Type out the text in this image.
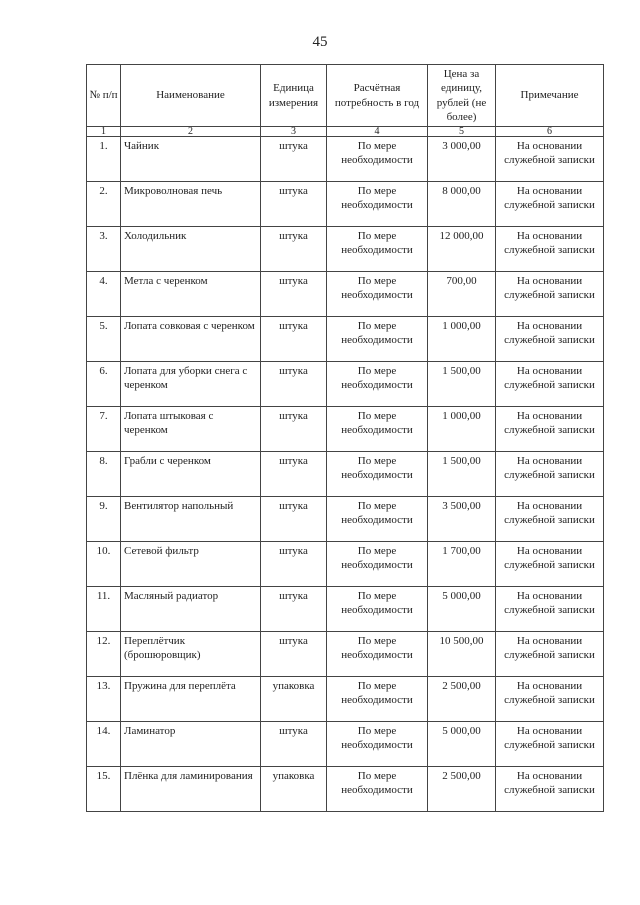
45
№ п/п	Наименование	Единица измерения	Расчётная потребность в год	Цена за единицу, рублей (не более)	Примечание
1	2	3	4	5	6
1.	Чайник	штука	По мере необходимости	3 000,00	На основании служебной записки
2.	Микроволновая печь	штука	По мере необходимости	8 000,00	На основании служебной записки
3.	Холодильник	штука	По мере необходимости	12 000,00	На основании служебной записки
4.	Метла с черенком	штука	По мере необходимости	700,00	На основании служебной записки
5.	Лопата совковая с черенком	штука	По мере необходимости	1 000,00	На основании служебной записки
6.	Лопата для уборки снега с черенком	штука	По мере необходимости	1 500,00	На основании служебной записки
7.	Лопата штыковая с черенком	штука	По мере необходимости	1 000,00	На основании служебной записки
8.	Грабли с черенком	штука	По мере необходимости	1 500,00	На основании служебной записки
9.	Вентилятор напольный	штука	По мере необходимости	3 500,00	На основании служебной записки
10.	Сетевой фильтр	штука	По мере необходимости	1 700,00	На основании служебной записки
11.	Масляный радиатор	штука	По мере необходимости	5 000,00	На основании служебной записки
12.	Переплётчик (брошюровщик)	штука	По мере необходимости	10 500,00	На основании служебной записки
13.	Пружина для переплёта	упаковка	По мере необходимости	2 500,00	На основании служебной записки
14.	Ламинатор	штука	По мере необходимости	5 000,00	На основании служебной записки
15.	Плёнка для ламинирования	упаковка	По мере необходимости	2 500,00	На основании служебной записки
